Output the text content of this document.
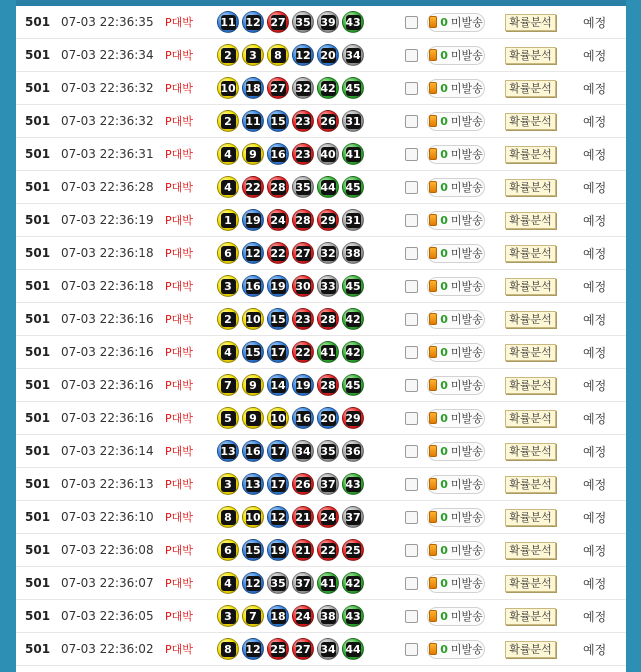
501 07-03 22:36:35 P대박 11 12 27 35 39 43	0 미발송	확률분석	예정
501 07-03 22:36:34 P대박	2	3	8	12 20 34	0 미발송	확률분석	예정
501 07-03 22:36:32 P대박 10 18 27 32 42 45	0 미발송	확률분석	예정
501 07-03 22:36:32 P대박	2	11 15 23 26 31	0 미발송	확률분석	예정
501 07-03 22:36:31 P대박	4	9	16 23 40 41	0 미발송	확률분석	예정
501 07-03 22:36:28 P대박	4	22 28 35 44 45	0 미발송	확률분석	예정
501 07-03 22:36:19 P대박	1	19 24 28 29 31	0 미발송	확률분석	예정
501 07-03 22:36:18 P대박	6	12 22 27 32 38	0 미발송	확률분석	예정
501 07-03 22:36:18 P대박	3	16 19 30 33 45	0 미발송	확률분석	예정
501 07-03 22:36:16 P대박	2	10 15 23 28 42	0 미발송	확률분석	예정
501 07-03 22:36:16 P대박	4	15 17 22 41 42	0 미발송	확률분석	예정
501 07-03 22:36:16 P대박	7	9	14 19 28 45	0 미발송	확률분석	예정
501 07-03 22:36:16 P대박	5	9	10 16 20 29	0 미발송	확률분석	예정
501 07-03 22:36:14 P대박 13 16 17 34 35 36	0 미발송	확률분석	예정
501 07-03 22:36:13 P대박	3	13 17 26 37 43	0 미발송	확률분석	예정
501 07-03 22:36:10 P대박	8	10 12 21 24 37	0 미발송	확률분석	예정
501 07-03 22:36:08 P대박	6	15 19 21 22 25	0 미발송	확률분석	예정
501 07-03 22:36:07 P대박	4	12 35 37 41 42	0 미발송	확률분석	예정
501 07-03 22:36:05 P대박	3	7	18 24 38 43	0 미발송	확률분석	예정
501 07-03 22:36:02 P대박	8	12 25 27 34 44	0 미발송	확률분석	예정
